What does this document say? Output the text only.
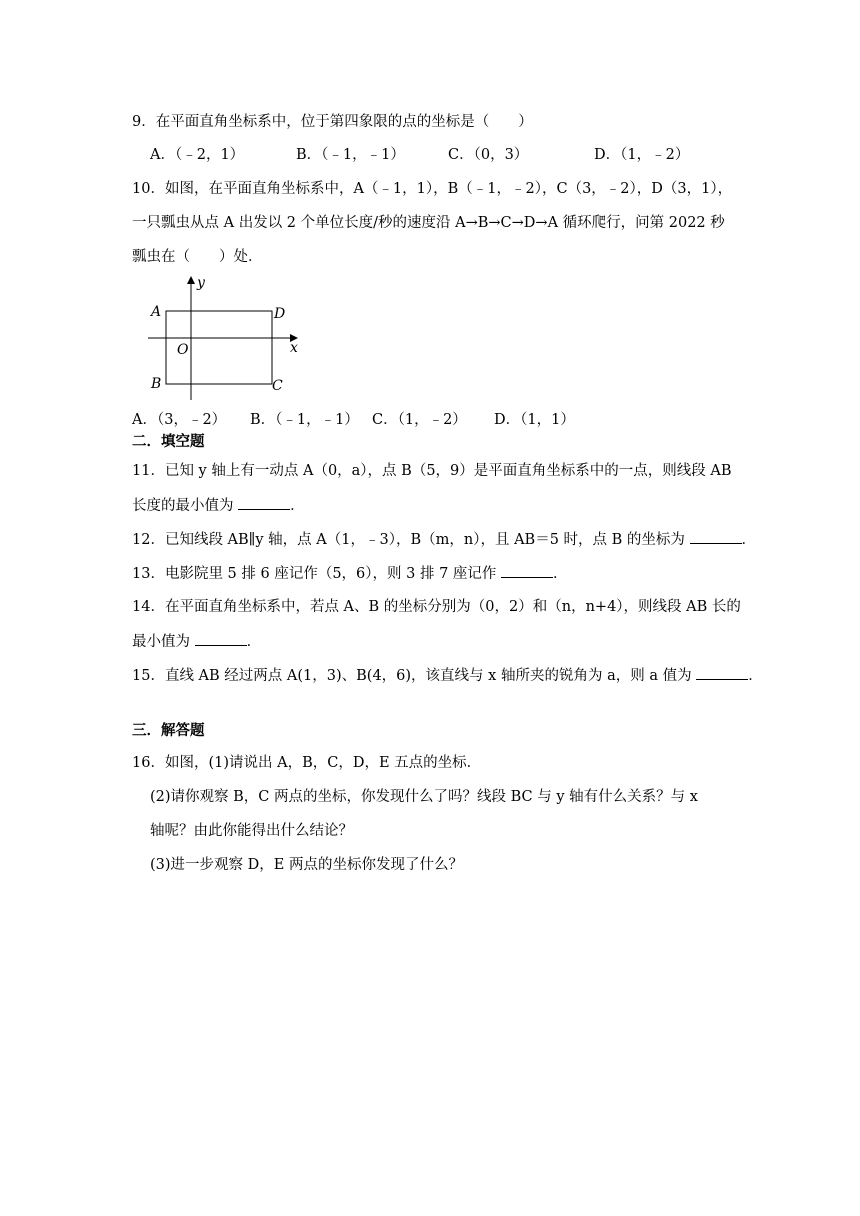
9．在平面直角坐标系中，位于第四象限的点的坐标是（　　）
A．（﹣2，1）	B．（﹣1，﹣1）	C．（0，3）	D．（1，﹣2）
10．如图，在平面直角坐标系中，A（﹣1，1），B（﹣1，﹣2），C（3，﹣2），D（3，1），
一只瓢虫从点 A 出发以 2 个单位长度/秒的速度沿 A→B→C→D→A 循环爬行，问第 2022 秒
瓢虫在（　　）处．
y
A	D
O	x
B	C
A．（3，﹣2） B．（﹣1，﹣1） C．（1，﹣2） D．（1，1）
二．填空题
11．已知 y 轴上有一动点 A（0，a），点 B（5，9）是平面直角坐标系中的一点，则线段 AB
长度的最小值为	．
12．已知线段 AB∥y 轴，点 A（1，﹣3），B（m，n），且 AB＝5 时，点 B 的坐标为	．
13．电影院里 5 排 6 座记作（5，6），则 3 排 7 座记作	．
14．在平面直角坐标系中，若点 A、B 的坐标分别为（0，2）和（n，n+4），则线段 AB 长的
最小值为	．
15．直线 AB 经过两点 A(1，3)、B(4，6)，该直线与 x 轴所夹的锐角为 a，则 a 值为	．
三．解答题
16．如图，(1)请说出 A，B，C，D，E 五点的坐标．
(2)请你观察 B，C 两点的坐标，你发现什么了吗？线段 BC 与 y 轴有什么关系？与 x
轴呢？由此你能得出什么结论？
(3)进一步观察 D，E 两点的坐标你发现了什么？
